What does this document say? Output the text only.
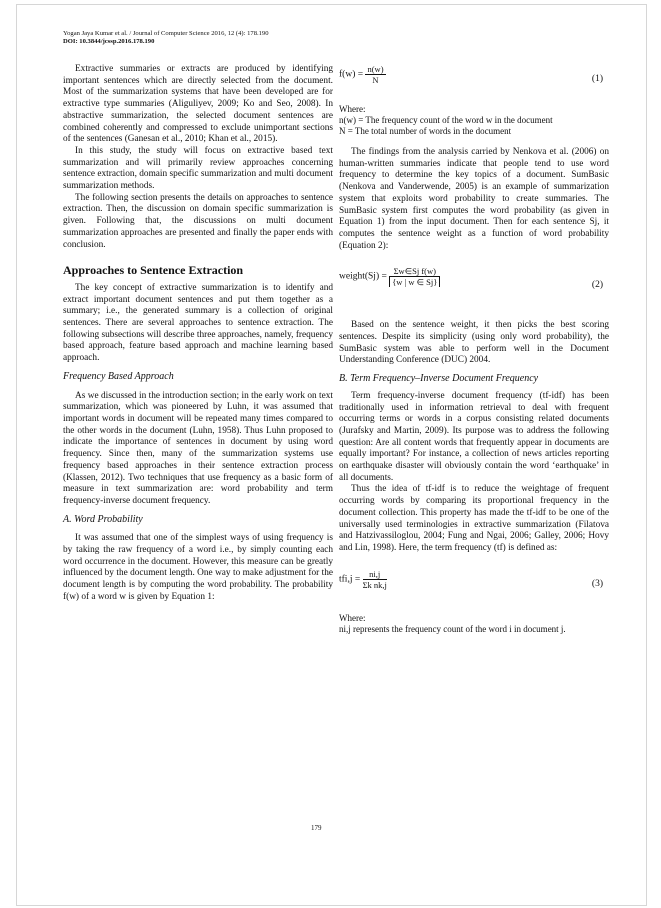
Yogan Jaya Kumar et al. / Journal of Computer Science 2016, 12 (4): 178.190
DOI: 10.3844/jcssp.2016.178.190

Extractive summaries or extracts are produced by identifying important sentences which are directly selected from the document. Most of the summarization systems that have been developed are for extractive type summaries (Aliguliyev, 2009; Ko and Seo, 2008). In abstractive summarization, the selected document sentences are combined coherently and compressed to exclude unimportant sections of the sentences (Ganesan et al., 2010; Khan et al., 2015).

In this study, the study will focus on extractive based text summarization and will primarily review approaches concerning sentence extraction, domain specific summarization and multi document summarization methods.

The following section presents the details on approaches to sentence extraction. Then, the discussion on domain specific summarization is given. Following that, the discussions on multi document summarization approaches are presented and finally the paper ends with conclusion.

Approaches to Sentence Extraction

The key concept of extractive summarization is to identify and extract important document sentences and put them together as a summary; i.e., the generated summary is a collection of original sentences. There are several approaches to sentence extraction. The following subsections will describe three approaches, namely, frequency based approach, feature based approach and machine learning based approach.

Frequency Based Approach

As we discussed in the introduction section; in the early work on text summarization, which was pioneered by Luhn, it was assumed that important words in document will be repeated many times compared to the other words in the document (Luhn, 1958). Thus Luhn proposed to indicate the importance of sentences in document by using word frequency. Since then, many of the summarization systems use frequency based approaches in their sentence extraction process (Klassen, 2012). Two techniques that use frequency as a basic form of measure in text summarization are: word probability and term frequency-inverse document frequency.

A. Word Probability

It was assumed that one of the simplest ways of using frequency is by taking the raw frequency of a word i.e., by simply counting each word occurrence in the document. However, this measure can be greatly influenced by the document length. One way to make adjustment for the document length is by computing the word probability. The probability f(w) of a word w is given by Equation 1:

$f(w) = \frac{n(w)}{N}$	(1)
Where:
n(w) = The frequency count of the word w in the document
N = The total number of words in the document

The findings from the analysis carried by Nenkova et al. (2006) on human-written summaries indicate that people tend to use word frequency to determine the key topics of a document. SumBasic (Nenkova and Vanderwende, 2005) is an example of summarization system that exploits word probability to create summaries. The SumBasic system first computes the word probability (as given in Equation 1) from the input document. Then for each sentence Sj, it computes the sentence weight as a function of word probability (Equation 2):

weight(Sj) = $\frac{\text{Σw∈Sj f(w)}}{\{w | w \in Sj\}}$	(2)

Based on the sentence weight, it then picks the best scoring sentences. Despite its simplicity (using only word probability), the SumBasic system was able to perform well in the Document Understanding Conference (DUC) 2004.

B. Term Frequency–Inverse Document Frequency

Term frequency-inverse document frequency (tf-idf) has been traditionally used in information retrieval to deal with frequent occurring terms or words in a corpus consisting related documents (Jurafsky and Martin, 2009). Its purpose was to address the following question: Are all content words that frequently appear in documents are equally important? For instance, a collection of news articles reporting on earthquake disaster will obviously contain the word ‘earthquake’ in all documents.

Thus the idea of tf-idf is to reduce the weightage of frequent occurring words by comparing its proportional frequency in the document collection. This property has made the tf-idf to be one of the universally used terminologies in extractive summarization (Filatova and Hatzivassiloglou, 2004; Fung and Ngai, 2006; Galley, 2006; Hovy and Lin, 1998). Here, the term frequency (tf) is defined as:

$tfi,j = \frac{ni,j}{\text{Σk nk,j}}$	(3)
Where:
ni,j represents the frequency count of the word i in document j.
179
